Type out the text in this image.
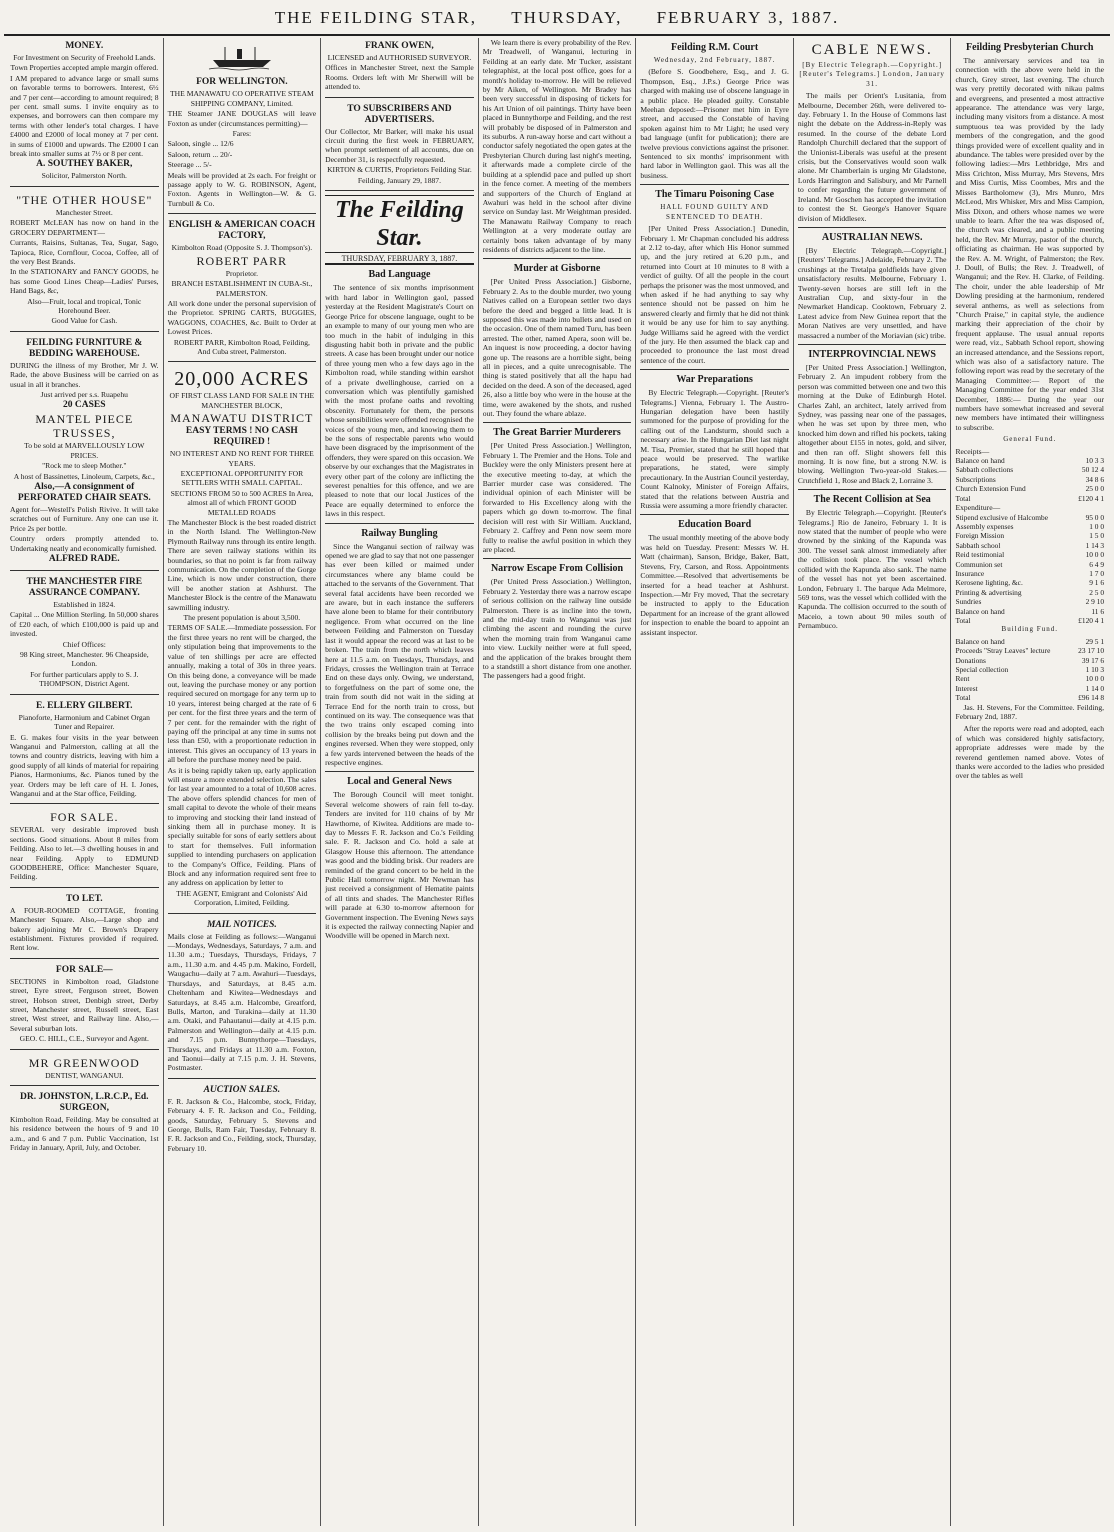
THE FEILDING STAR, THURSDAY, FEBRUARY 3, 1887.

MONEY.

For Investment on Security of Freehold Lands.

Town Properties accepted ample margin offered.

I AM prepared to advance large or small sums on favorable terms to borrowers. Interest, 6½ and 7 per cent—according to amount required; 8 per cent. small sums. I invite enquiry as to expenses, and borrowers can then compare my terms with other lender's total charges. I have £4000 and £2000 of local money at 7 per cent. in sums of £1000 and upwards. The £2000 I can break into smaller sums at 7½ or 8 per cent.

A. SOUTHEY BAKER,

Solicitor, Palmerston North.

"THE OTHER HOUSE"

Manchester Street.

ROBERT McLEAN has now on hand in the GROCERY DEPARTMENT—

Currants, Raisins, Sultanas, Tea, Sugar, Sago, Tapioca, Rice, Cornflour, Cocoa, Coffee, all of the very Best Brands.

In the STATIONARY and FANCY GOODS, he has some Good Lines Cheap—Ladies' Purses, Hand Bags, &c,

Also—Fruit, local and tropical, Tonic Horehound Beer.

Good Value for Cash.

FEILDING FURNITURE & BEDDING WAREHOUSE.

DURING the illness of my Brother, Mr J. W. Rade, the above Business will be carried on as usual in all it branches.

Just arrived per s.s. Ruapehu

20 CASES

MANTEL PIECE TRUSSES,

To be sold at MARVELLOUSLY LOW PRICES.

"Rock me to sleep Mother."

A host of Bassinettes, Linoleum, Carpets, &c.,

Also,—A consignment of PERFORATED CHAIR SEATS.

Agent for—Westell's Polish Rivive. It will take scratches out of Furniture. Any one can use it. Price 2s per bottle.

Country orders promptly attended to. Undertaking neatly and economically furnished.

ALFRED RADE.

THE MANCHESTER FIRE ASSURANCE COMPANY.

Established in 1824.

Capital ... One Million Sterling. In 50,000 shares of £20 each, of which £100,000 is paid up and invested.

Chief Offices:

98 King street, Manchester. 96 Cheapside, London.

For further particulars apply to S. J. THOMPSON, District Agent.

E. ELLERY GILBERT.

Pianoforte, Harmonium and Cabinet Organ Tuner and Repairer.

E. G. makes four visits in the year between Wanganui and Palmerston, calling at all the towns and country districts, leaving with him a good supply of all kinds of material for repairing Pianos, Harmoniums, &c. Pianos tuned by the year. Orders may be left care of H. I. Jones, Wanganui and at the Star office, Feilding.

FOR SALE.

SEVERAL very desirable improved bush sections. Good situations. About 8 miles from Feilding. Also to let.—3 dwelling houses in and near Feilding. Apply to EDMUND GOODBEHERE, Office: Manchester Square, Feilding.

TO LET.

A FOUR-ROOMED COTTAGE, fronting Manchester Square. Also,—Large shop and bakery adjoining Mr C. Brown's Drapery establishment. Fixtures provided if required. Rent low.

FOR SALE—

SECTIONS in Kimbolton road, Gladstone street, Eyre street, Ferguson street, Bowen street, Hobson street, Denbigh street, Derby street, Manchester street, Russell street, East street, West street, and Railway line. Also,—Several suburban lots.

GEO. C. HILL, C.E., Surveyor and Agent.

MR GREENWOOD

DENTIST, WANGANUI.

DR. JOHNSTON, L.R.C.P., Ed. SURGEON,

Kimbolton Road, Feilding. May be consulted at his residence between the hours of 9 and 10 a.m., and 6 and 7 p.m. Public Vaccination, 1st Friday in January, April, July, and October.

FOR WELLINGTON.

THE MANAWATU CO OPERATIVE STEAM SHIPPING COMPANY, Limited.

THE Steamer JANE DOUGLAS will leave Foxton as under (circumstances permitting)—

Fares:

Saloon, single ... 12/6

Saloon, return ... 20/-

Steerage ... 5/-

Meals will be provided at 2s each. For freight or passage apply to W. G. ROBINSON, Agent, Foxton. Agents in Wellington—W. & G. Turnbull & Co.

ENGLISH & AMERICAN COACH FACTORY,

Kimbolton Road (Opposite S. J. Thompson's).

ROBERT PARR

Proprietor.

BRANCH ESTABLISHMENT IN CUBA-St., PALMERSTON.

All work done under the personal supervision of the Proprietor. SPRING CARTS, BUGGIES, WAGGONS, COACHES, &c. Built to Order at Lowest Prices.

ROBERT PARR, Kimbolton Road, Feilding, And Cuba street, Palmerston.

20,000 ACRES

OF FIRST CLASS LAND FOR SALE IN THE MANCHESTER BLOCK,

MANAWATU DISTRICT

EASY TERMS ! NO CASH REQUIRED !

NO INTEREST AND NO RENT FOR THREE YEARS.

EXCEPTIONAL OPPORTUNITY FOR SETTLERS WITH SMALL CAPITAL.

SECTIONS FROM 50 to 500 ACRES In Area, almost all of which FRONT GOOD METALLED ROADS

The Manchester Block is the best roaded district in the North Island. The Wellington-New Plymouth Railway runs through its entire length. There are seven railway stations within its boundaries, so that no point is far from railway communication. On the completion of the Gorge Line, which is now under construction, there will be another station at Ashhurst. The Manchester Block is the centre of the Manawatu sawmilling industry.

The present population is about 3,500.

TERMS OF SALE.—Immediate possession. For the first three years no rent will be charged, the only stipulation being that improvements to the value of ten shillings per acre are effected annually, making a total of 30s in three years. On this being done, a conveyance will be made out, leaving the purchase money or any portion required secured on mortgage for any term up to 10 years, interest being charged at the rate of 6 per cent. for the first three years and the term of 7 per cent. for the remainder with the right of paying off the principal at any time in sums not less than £50, with a proportionate reduction in interest. This gives an occupancy of 13 years in all before the purchase money need be paid.

As it is being rapidly taken up, early application will ensure a more extended selection. The sales for last year amounted to a total of 10,608 acres. The above offers splendid chances for men of small capital to devote the whole of their means to improving and stocking their land instead of sinking them all in purchase money. It is specially suitable for sons of early settlers about to start for themselves. Full information supplied to intending purchasers on application to the Company's Office, Feilding. Plans of Block and any information required sent free to any address on application by letter to

THE AGENT, Emigrant and Colonists' Aid Corporation, Limited, Feilding.

MAIL NOTICES.

Mails close at Feilding as follows:—Wanganui—Mondays, Wednesdays, Saturdays, 7 a.m. and 11.30 a.m.; Tuesdays, Thursdays, Fridays, 7 a.m., 11.30 a.m. and 4.45 p.m. Makino, Fordell, Waugachu—daily at 7 a.m. Awahuri—Tuesdays, Thursdays, and Saturdays, at 8.45 a.m. Cheltenham and Kiwitea—Wednesdays and Saturdays, at 8.45 a.m. Halcombe, Greatford, Bulls, Marton, and Turakina—daily at 11.30 a.m. Otaki, and Pahautanui—daily at 4.15 p.m. Palmerston and Wellington—daily at 4.15 p.m. and 7.15 p.m. Bunnythorpe—Tuesdays, Thursdays, and Fridays at 11.30 a.m. Foxton, and Taonui—daily at 7.15 p.m. J. H. Stevens, Postmaster.

AUCTION SALES.

F. R. Jackson & Co., Halcombe, stock, Friday, February 4. F. R. Jackson and Co., Feilding, goods, Saturday, February 5. Stevens and George, Bulls, Ram Fair, Tuesday, February 8. F. R. Jackson and Co., Feilding, stock, Thursday, February 10.

FRANK OWEN,

LICENSED and AUTHORISED SURVEYOR.

Offices in Manchester Street, next the Sample Rooms. Orders left with Mr Sherwill will be attended to.

TO SUBSCRIBERS AND ADVERTISERS.

Our Collector, Mr Barker, will make his usual circuit during the first week in FEBRUARY, when prompt settlement of all accounts, due on December 31, is respectfully requested.

KIRTON & CURTIS, Proprietors Feilding Star.

Feilding, January 29, 1887.

The Feilding Star.
THURSDAY, FEBRUARY 3, 1887.
Bad Language

The sentence of six months imprisonment with hard labor in Wellington gaol, passed yesterday at the Resident Magistrate's Court on George Price for obscene language, ought to be an example to many of our young men who are too much in the habit of indulging in this disgusting habit both in private and the public streets. A case has been brought under our notice of three young men who a few days ago in the Kimbolton road, while standing within earshot of a private dwellinghouse, carried on a conversation which was plentifully garnished with the most profane oaths and revolting obscenity. Fortunately for them, the persons whose sensibilities were offended recognised the voices of the young men, and knowing them to be the sons of respectable parents who would have been disgraced by the imprisonment of the offenders, they were spared on this occasion. We observe by our exchanges that the Magistrates in every other part of the colony are inflicting the severest penalties for this offence, and we are pleased to note that our local Justices of the Peace are equally determined to enforce the laws in this respect.

Railway Bungling

Since the Wanganui section of railway was opened we are glad to say that not one passenger has ever been killed or maimed under circumstances where any blame could be attached to the servants of the Government. That several fatal accidents have been recorded we are aware, but in each instance the sufferers have alone been to blame for their contributory negligence. From what occurred on the line between Feilding and Palmerston on Tuesday last it would appear the record was at last to be broken. The train from the north which leaves here at 11.5 a.m. on Tuesdays, Thursdays, and Fridays, crosses the Wellington train at Terrace End on these days only. Owing, we understand, to forgetfulness on the part of some one, the train from south did not wait in the siding at Terrace End for the north train to cross, but continued on its way. The consequence was that the two trains only escaped coming into collision by the breaks being put down and the engines reversed. When they were stopped, only a few yards intervened between the heads of the respective engines.

Local and General News

The Borough Council will meet tonight. Several welcome showers of rain fell to-day. Tenders are invited for 110 chains of by Mr Hawthorne, of Kiwitea. Additions are made to-day to Messrs F. R. Jackson and Co.'s Feilding sale. F. R. Jackson and Co. hold a sale at Glasgow House this afternoon. The attendance was good and the bidding brisk. Our readers are reminded of the grand concert to be held in the Public Hall tomorrow night. Mr Newman has just received a consignment of Hematite paints of all tints and shades. The Manchester Rifles will parade at 6.30 to-morrow afternoon for Government inspection. The Evening News says it is expected the railway connecting Napier and Woodville will be opened in March next.

We learn there is every probability of the Rev. Mr Treadwell, of Wanganui, lecturing in Feilding at an early date. Mr Tucker, assistant telegraphist, at the local post office, goes for a month's holiday to-morrow. He will be relieved by Mr Aiken, of Wellington. Mr Bradey has been very successful in disposing of tickets for his Art Union of oil paintings. Thirty have been placed in Bunnythorpe and Feilding, and the rest will probably be disposed of in Palmerston and its suburbs. A run-away horse and cart without a conductor safely negotiated the open gates at the Presbyterian Church during last night's meeting, it afterwards made a complete circle of the building at a splendid pace and pulled up short in the fence corner. A meeting of the members and supporters of the Church of England at Awahuri was held in the school after divine service on Sunday last. Mr Weightman presided. The Manawatu Railway Company to reach Wellington at a very moderate outlay are certainly bons taken advantage of by many residents of districts adjacent to the line.

Murder at Gisborne

[Per United Press Association.] Gisborne, February 2. As to the double murder, two young Natives called on a European settler two days before the deed and begged a little lead. It is supposed this was made into bullets and used on the occasion. One of them named Turu, has been arrested. The other, named Apera, soon will be. An inquest is now proceeding, a doctor having gone up. The reasons are a horrible sight, being all in pieces, and a quite unrecognisable. The thing is stated positively that all the hapu had decided on the deed. A son of the deceased, aged 26, also a little boy who were in the house at the time, were awakened by the shots, and rushed out. They found the whare ablaze.

The Great Barrier Murderers

[Per United Press Association.] Wellington, February 1. The Premier and the Hons. Tole and Buckley were the only Ministers present here at the executive meeting to-day, at which the Barrier murder case was considered. The individual opinion of each Minister will be forwarded to His Excellency along with the papers which go down to-morrow. The final decision will rest with Sir William. Auckland, February 2. Caffrey and Penn now seem more fully to realise the awful position in which they are placed.

Narrow Escape From Collision

(Per United Press Association.) Wellington, February 2. Yesterday there was a narrow escape of serious collision on the railway line outside Palmerston. There is as incline into the town, and the mid-day train to Wanganui was just climbing the ascent and rounding the curve when the morning train from Wanganui came into view. Luckily neither were at full speed, and the application of the brakes brought them to a standstill a short distance from one another. The passengers had a good fright.

Feilding R.M. Court
Wednesday, 2nd February, 1887.

(Before S. Goodbehere, Esq., and J. G. Thompson, Esq., J.P.s.) George Price was charged with making use of obscene language in a public place. He pleaded guilty. Constable Meehan deposed:—Prisoner met him in Eyre street, and accused the Constable of having spoken against him to Mr Light; he used very bad language (unfit for publication); there are twelve previous convictions against the prisoner. Sentenced to six months' imprisonment with hard labor in Wellington gaol. This was all the business.

The Timaru Poisoning Case
HALL FOUND GUILTY AND SENTENCED TO DEATH.

[Per United Press Association.] Dunedin, February 1. Mr Chapman concluded his address at 2.12 to-day, after which His Honor summed up, and the jury retired at 6.20 p.m., and returned into Court at 10 minutes to 8 with a verdict of guilty. Of all the people in the court perhaps the prisoner was the most unmoved, and when asked if he had anything to say why sentence should not be passed on him he answered clearly and firmly that he did not think it would be any use for him to say anything. Judge Williams said he agreed with the verdict of the jury. He then assumed the black cap and proceeded to pronounce the last most dread sentence of the court.

War Preparations

By Electric Telegraph.—Copyright. [Reuter's Telegrams.] Vienna, February 1. The Austro-Hungarian delegation have been hastily summoned for the purpose of providing for the calling out of the Landsturm, should such a necessary arise. In the Hungarian Diet last night M. Tisa, Premier, stated that he still hoped that peace would be preserved. The warlike preparations, he stated, were simply precautionary. In the Austrian Council yesterday, Count Kalnoky, Minister of Foreign Affairs, stated that the relations between Austria and Russia were assuming a more friendly character.

Education Board

The usual monthly meeting of the above body was held on Tuesday. Present: Messrs W. H. Watt (chairman), Sanson, Bridge, Baker, Batt, Stevens, Fry, Carson, and Ross. Appointments Committee.—Resolved that advertisements be inserted for a head teacher at Ashhurst. Inspection.—Mr Fry moved, That the secretary be instructed to apply to the Education Department for an increase of the grant allowed for inspection to enable the board to appoint an assistant inspector.

CABLE NEWS.
[By Electric Telegraph.—Copyright.] [Reuter's Telegrams.] London, January 31.

The mails per Orient's Lusitania, from Melbourne, December 26th, were delivered to-day. February 1. In the House of Commons last night the debate on the Address-in-Reply was resumed. In the course of the debate Lord Randolph Churchill declared that the support of the Unionist-Liberals was useful at the present crisis, but the Conservatives would soon walk alone. Mr Chamberlain is urging Mr Gladstone, Lords Harrington and Salisbury, and Mr Parnell to confer regarding the future government of Ireland. Mr Goschen has accepted the invitation to contest the St. George's Hanover Square division of Middlesex.

AUSTRALIAN NEWS.

[By Electric Telegraph.—Copyright.] [Reuters' Telegrams.] Adelaide, February 2. The crushings at the Tretalpa goldfields have given unsatisfactory results. Melbourne, February 1. Twenty-seven horses are still left in the Australian Cup, and sixty-four in the Newmarket Handicap. Cooktown, February 2. Latest advice from New Guinea report that the Moran Natives are very unsettled, and have massacred a number of the Moriavian (sic) tribe.

INTERPROVINCIAL NEWS

[Per United Press Association.] Wellington, February 2. An impudent robbery from the person was committed between one and two this morning at the Duke of Edinburgh Hotel. Charles Zahl, an architect, lately arrived from Sydney, was passing near one of the passages, when he was set upon by three men, who knocked him down and rifled his pockets, taking altogether about £155 in notes, gold, and silver, and then ran off. Slight showers fell this morning. It is now fine, but a strong N.W. is blowing. Wellington Two-year-old Stakes.—Crutchfield 1, Rose and Black 2, Lorraine 3.

The Recent Collision at Sea

By Electric Telegraph.—Copyright. [Reuter's Telegrams.] Rio de Janeiro, February 1. It is now stated that the number of people who were drowned by the sinking of the Kapunda was 300. The vessel sank almost immediately after the collision took place. The vessel which collided with the Kapunda also sank. The name of the vessel has not yet been ascertained. London, February 1. The barque Ada Melmore, 569 tons, was the vessel which collided with the Kapunda. The collision occurred to the south of Maceio, a town about 90 miles south of Pernambuco.

Feilding Presbyterian Church

The anniversary services and tea in connection with the above were held in the church, Grey street, last evening. The church was very prettily decorated with nikau palms and evergreens, and presented a most attractive appearance. The attendance was very large, including many visitors from a distance. A most sumptuous tea was provided by the lady members of the congregation, and the good things provided were of excellent quality and in abundance. The tables were presided over by the following ladies:—Mrs Lethbridge, Mrs and Miss Crichton, Miss Murray, Mrs Stevens, Mrs and Miss Curtis, Miss Coombes, Mrs and the Misses Bartholomew (3), Mrs Munro, Mrs McLeod, Mrs Whisker, Mrs and Miss Campion, Miss Dixon, and others whose names we were unable to learn. After the tea was disposed of, the church was cleared, and a public meeting held, the Rev. Mr Murray, pastor of the church, officiating as chairman. He was supported by the Rev. A. M. Wright, of Palmerston; the Rev. J. Doull, of Bulls; the Rev. J. Treadwell, of Wanganui; and the Rev. H. Clarke, of Feilding. The choir, under the able leadership of Mr Dowling presiding at the harmonium, rendered several anthems, as well as selections from "Church Praise," in capital style, the audience marking their appreciation of the choir by frequent applause. The usual annual reports were read, viz., Sabbath School report, showing an increased attendance, and the Sessions report, which was also of a satisfactory nature. The following report was read by the secretary of the Managing Committee:— Report of the Managing Committee for the year ended 31st December, 1886:— During the year our numbers have somewhat increased and several new members have intimated their willingness to subscribe.

General Fund.
Receipts—
Balance on hand	10 3 3
Sabbath collections	50 12 4
Subscriptions	34 8 6
Church Extension Fund	25 0 0
Total	£120 4 1
Expenditure—
Stipend exclusive of Halcombe	95 0 0
Assembly expenses	1 0 0
Foreign Mission	1 5 0
Sabbath school	1 14 3
Reid testimonial	10 0 0
Communion set	6 4 9
Insurance	1 7 0
Kerosene lighting, &c.	9 1 6
Printing & advertising	2 5 0
Sundries	2 9 10
Balance on hand	11 6
Total	£120 4 1
Building Fund.
Balance on hand	29 5 1
Proceeds "Stray Leaves" lecture	23 17 10
Donations	39 17 6
Special collection	1 10 3
Rent	10 0 0
Interest	1 14 0
Total	£96 14 8

Jas. H. Stevens, For the Committee. Feilding, February 2nd, 1887.

After the reports were read and adopted, each of which was considered highly satisfactory, appropriate addresses were made by the reverend gentlemen named above. Votes of thanks were accorded to the ladies who presided over the tables as well
